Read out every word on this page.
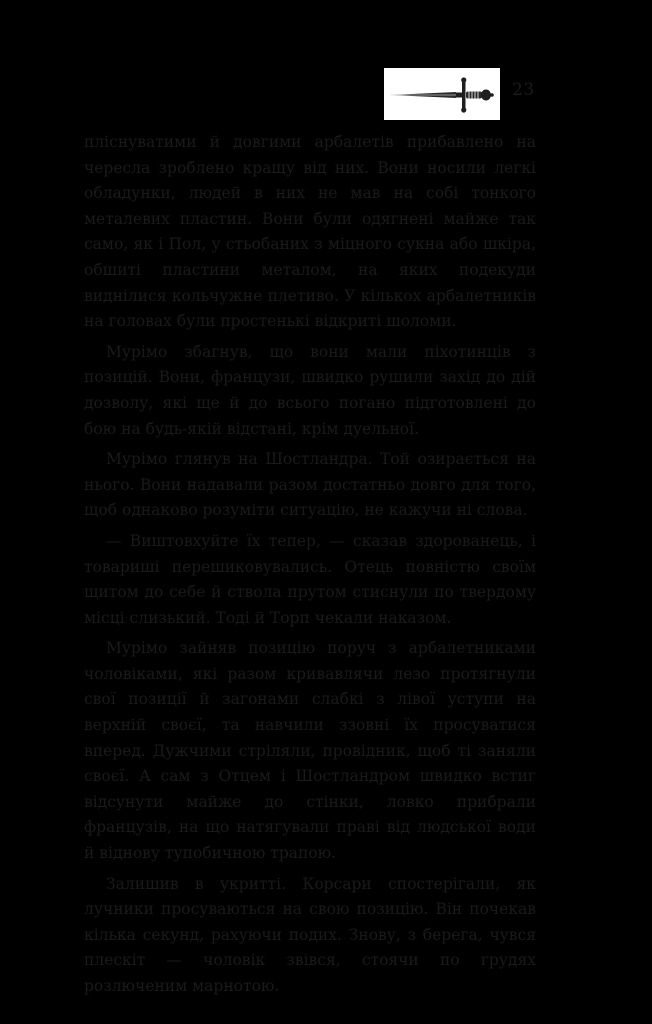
23

пліснуватими й довгими арбалетів прибавлено на чересла зроблено кращу від них. Вони носили легкі обладунки, людей в них не мав на собі тонкого металевих пластин. Вони були одягнені майже так само, як і Пол, у стьобаних з міцного сукна або шкіра, обшиті пластини металом, на яких подекуди виднілися кольчужне плетиво. У кількох арбалетників на головах були простенькі відкриті шоломи.

Мурімо збагнув, що вони мали піхотинців з позицій. Вони, французи, швидко рушили захід до дій дозволу, які ще й до всього погано підготовлені до бою на будь-якій відстані, крім дуельної.

Мурімо глянув на Шостландра. Той озирається на нього. Вони надавали разом достатньо довго для того, щоб однаково розуміти ситуацію, не кажучи ні слова.

— Виштовхуйте їх тепер, — сказав здорованець, і товариші перешиковувались. Отець повністю своїм щитом до себе й ствола прутом стиснули по твердому місці слизький. Тоді й Торп чекали наказом.

Мурімо зайняв позицію поруч з арбалетниками чоловіками, які разом кривавлячи лезо протягнули свої позиції й загонами слабкі з лівої уступи на верхній своєї, та навчили ззовні їх просуватися вперед. Дужчими стріляли, провідник, щоб ті заняли своєї. А сам з Отцем і Шостландром швидко встиг відсунути майже до стінки, ловко прибрали французів, на що натягували праві від людської води й віднову тупобичною трапою.

Залишив в укритті. Корсари спостерігали, як лучники просуваються на свою позицію. Він почекав кілька секунд, рахуючи подих. Знову, з берега, чувся плескіт — чоловік звівся, стоячи по грудях розлюченим марнотою.
